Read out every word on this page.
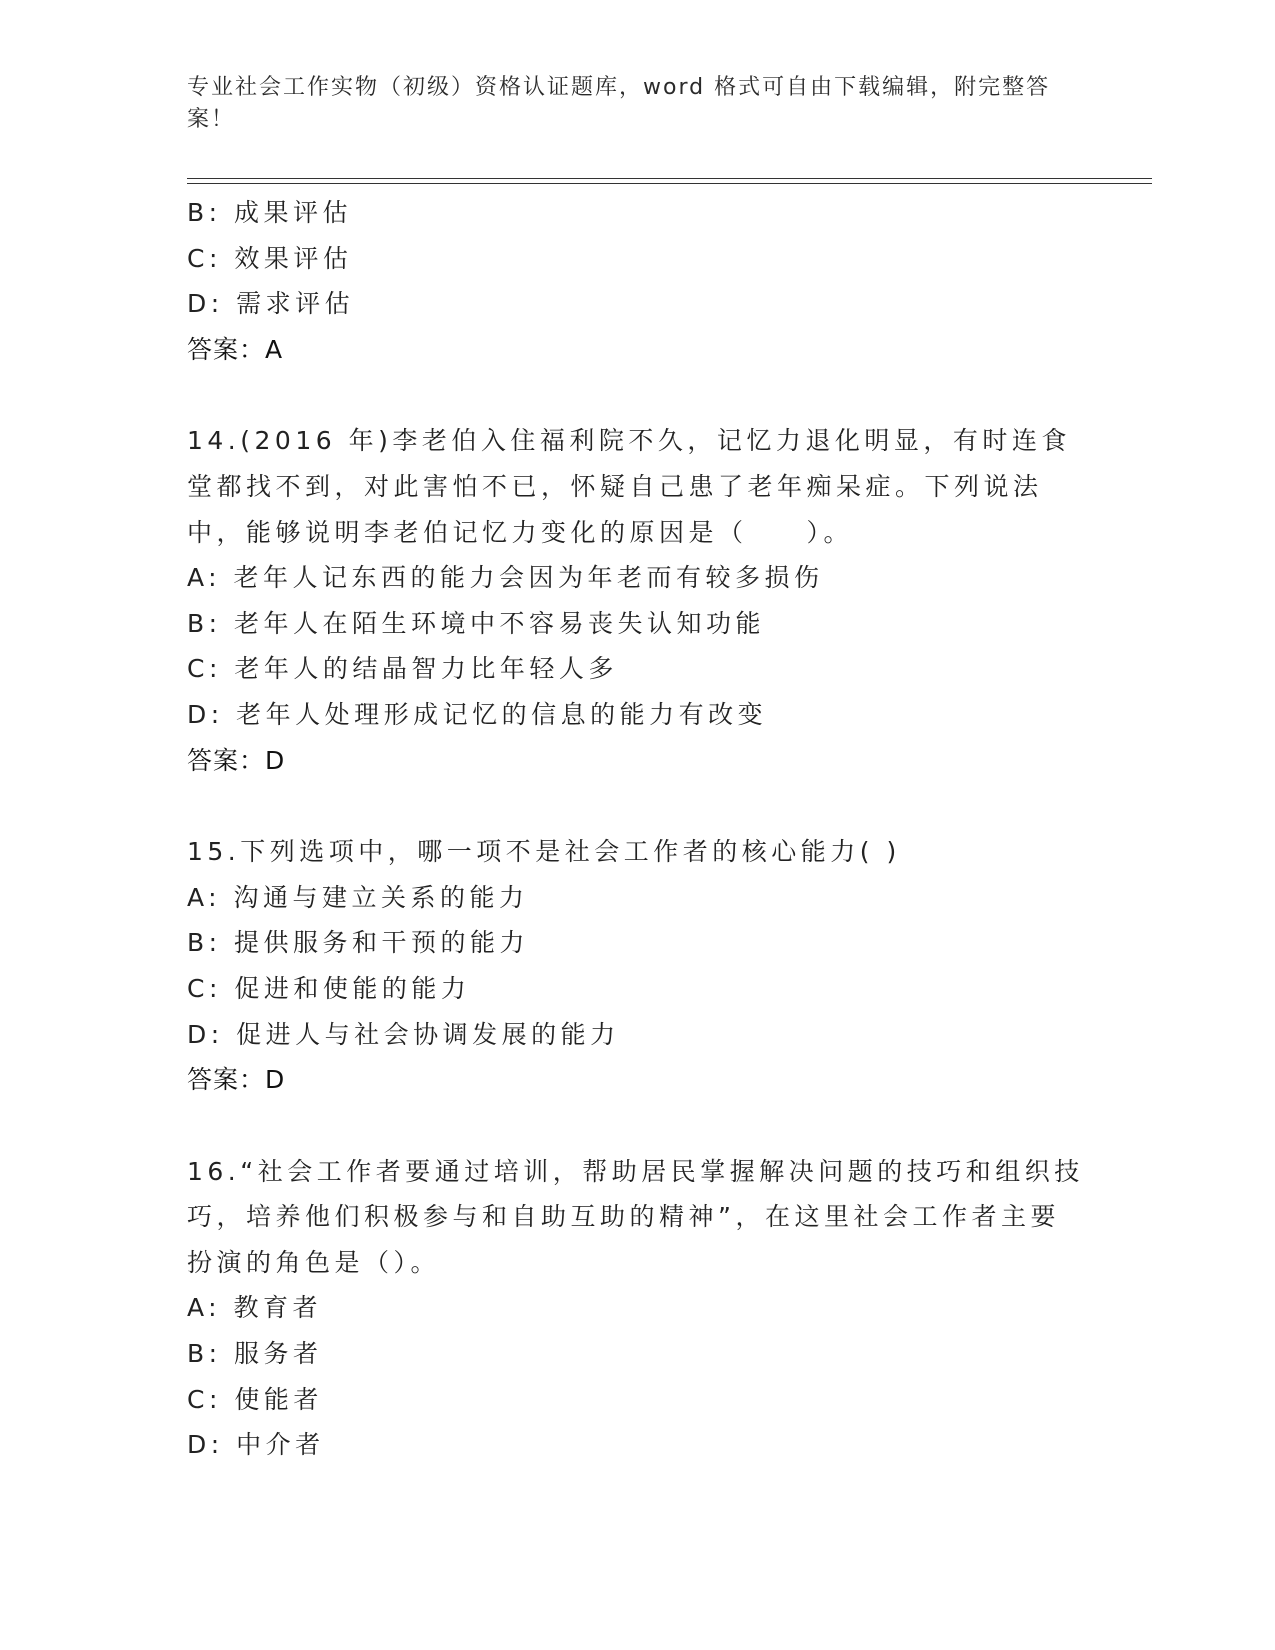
专业社会工作实物（初级）资格认证题库，word 格式可自由下载编辑，附完整答案！
B: 成果评估
C: 效果评估
D: 需求评估
答案：A
14.(2016 年)李老伯入住福利院不久，记忆力退化明显，有时连食堂都找不到，对此害怕不已，怀疑自己患了老年痴呆症。下列说法中，能够说明李老伯记忆力变化的原因是（　　）。
A: 老年人记东西的能力会因为年老而有较多损伤
B: 老年人在陌生环境中不容易丧失认知功能
C: 老年人的结晶智力比年轻人多
D: 老年人处理形成记忆的信息的能力有改变
答案：D
15.下列选项中，哪一项不是社会工作者的核心能力( )
A: 沟通与建立关系的能力
B: 提供服务和干预的能力
C: 促进和使能的能力
D: 促进人与社会协调发展的能力
答案：D
16.“社会工作者要通过培训，帮助居民掌握解决问题的技巧和组织技巧，培养他们积极参与和自助互助的精神”，在这里社会工作者主要扮演的角色是（）。
A: 教育者
B: 服务者
C: 使能者
D: 中介者
